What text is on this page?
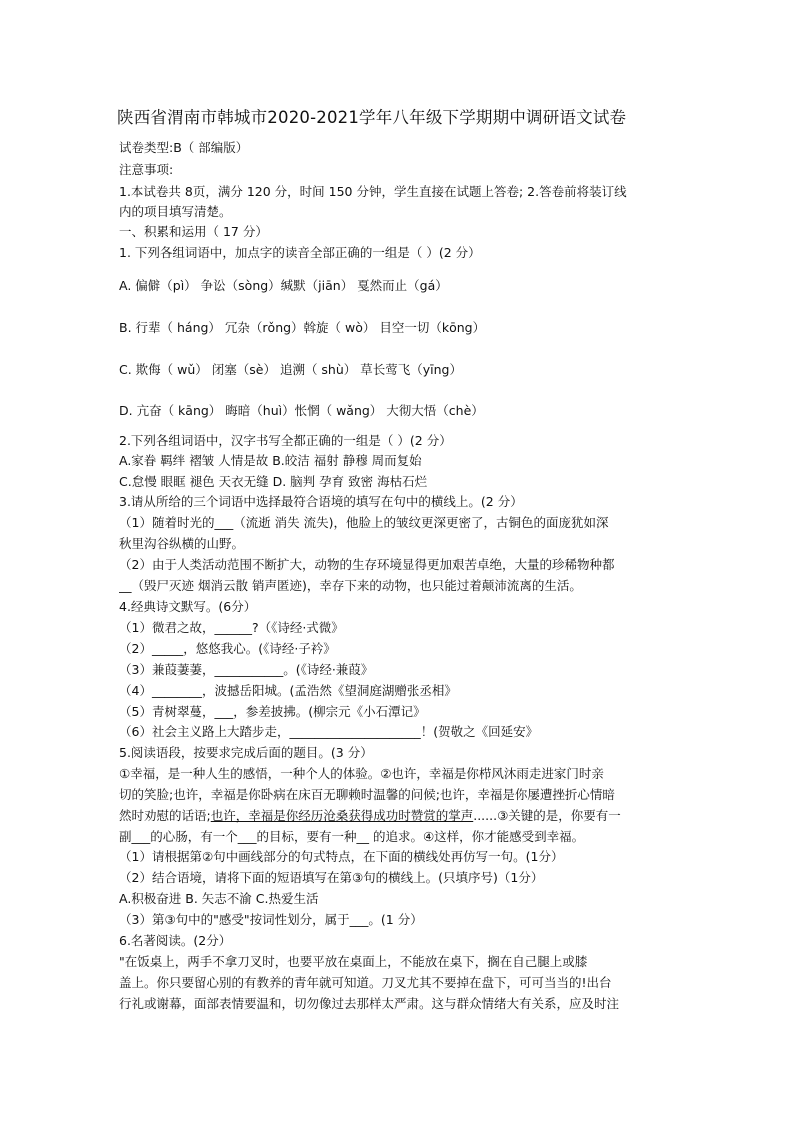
陕西省渭南市韩城市2020-2021学年八年级下学期期中调研语文试卷
试卷类型:B（ 部编版）
注意事项:
1.本试卷共 8页，满分 120 分，时间 150 分钟，学生直接在试题上答卷; 2.答卷前将装订线
内的项目填写清楚。
一、积累和运用（ 17 分）
1. 下列各组词语中，加点字的读音全部正确的一组是（ ）(2 分）
A. 偏僻（pì） 争讼（sòng）缄默（jiān） 戛然而止（gá）
B. 行辈（ háng） 冗杂（rǒng）斡旋（ wò） 目空一切（kōng）
C. 欺侮（ wǔ） 闭塞（sè） 追溯（ shù） 草长莺飞（yīng）
D. 亢奋（ kāng） 晦暗（huì）怅惘（ wǎng） 大彻大悟（chè）
2.下列各组词语中，汉字书写全都正确的一组是（ ）(2 分）
A.家眷 羁绊 褶皱 人情是故 B.皎洁 福射 静穆 周而复始
C.怠慢 眼眶 褪色 天衣无缝 D. 脑判 孕育 致密 海枯石烂
3.请从所给的三个词语中选择最符合语境的填写在句中的横线上。(2 分）
（1）随着时光的___（流逝 消失 流失)，他脸上的皱纹更深更密了，古铜色的面庞犹如深
秋里沟谷纵横的山野。
（2）由于人类活动范围不断扩大，动物的生存环境显得更加艰苦卓绝，大量的珍稀物种都
__（毁尸灭迹 烟消云散 销声匿迹)，幸存下来的动物，也只能过着颠沛流离的生活。
4.经典诗文默写。(6分）
（1）微君之故，______?（《诗经·式微》
（2）_____，悠悠我心。(《诗经·子衿》
（3）兼葭萋萋，___________。(《诗经·兼葭》
（4）________，波撼岳阳城。(孟浩然《望洞庭湖赠张丞相》
（5）青树翠蔓，___，参差披拂。(柳宗元《小石潭记》
（6）社会主义路上大踏步走，_____________________！(贺敬之《回延安》
5.阅读语段，按要求完成后面的题目。(3 分）
①幸福，是一种人生的感悟，一种个人的体验。②也许，幸福是你栉风沐雨走进家门时亲
切的笑脸;也许，幸福是你卧病在床百无聊赖时温馨的问候;也许，幸福是你屡遭挫折心情暗
然时劝慰的话语;也许，幸福是你经历沧桑获得成功时赞赏的掌声......③关键的是，你要有一
副___的心肠，有一个___的目标，要有一种__ 的追求。④这样，你才能感受到幸福。
（1）请根据第②句中画线部分的句式特点，在下面的横线处再仿写一句。(1分）
（2）结合语境，请将下面的短语填写在第③句的横线上。(只填序号)（1分）
A.积极奋进 B. 矢志不渝 C.热爱生活
（3）第③句中的"感受"按词性划分，属于___。(1 分）
6.名著阅读。(2分）
"在饭桌上，两手不拿刀叉时，也要平放在桌面上，不能放在桌下，搁在自己腿上或膝
盖上。你只要留心别的有教养的青年就可知道。刀叉尤其不要掉在盘下，可可当当的!出台
行礼或谢幕，面部表情要温和，切勿像过去那样太严肃。这与群众情绪大有关系，应及时注
